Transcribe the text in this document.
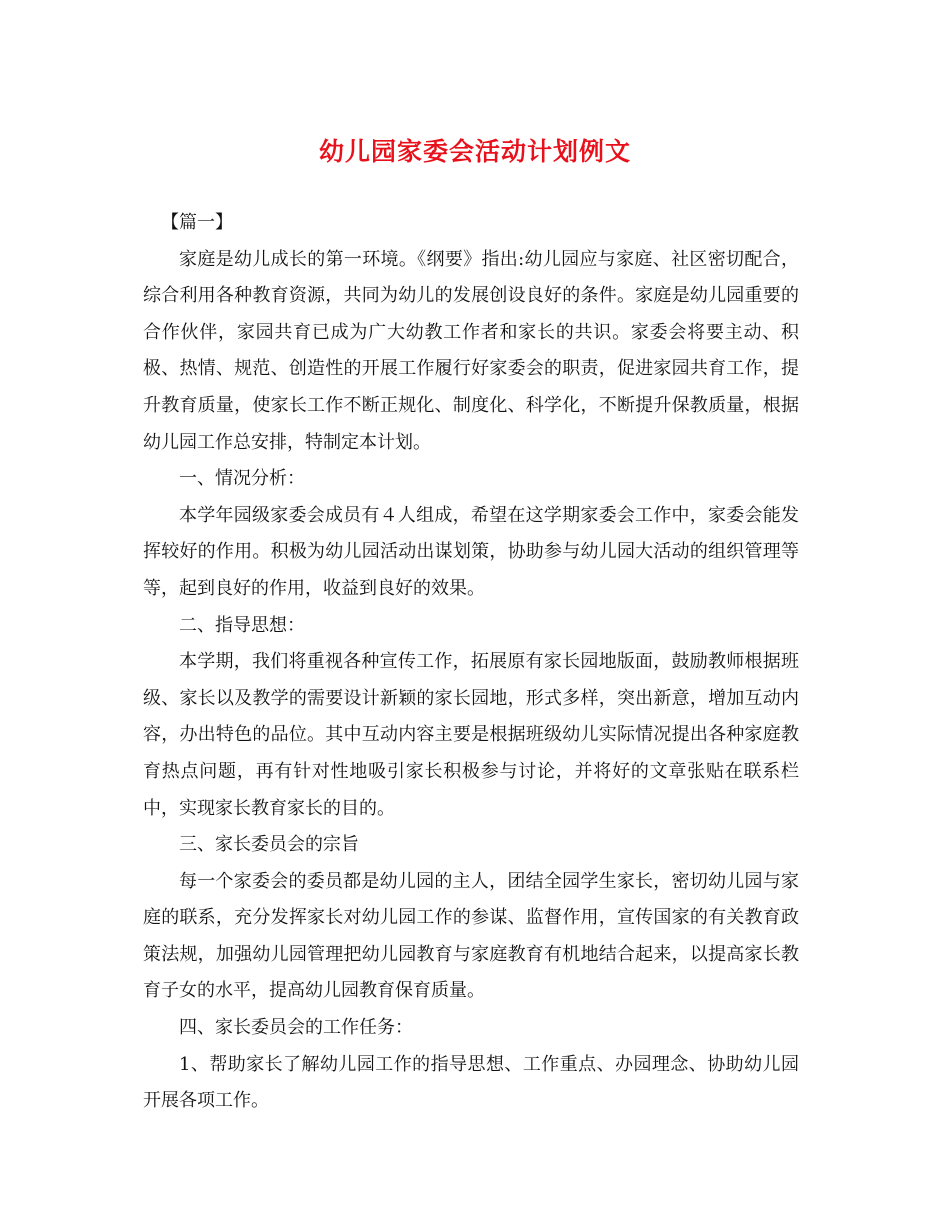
幼儿园家委会活动计划例文

【篇一】

家庭是幼儿成长的第一环境。《纲要》指出:幼儿园应与家庭、社区密切配合，综合利用各种教育资源，共同为幼儿的发展创设良好的条件。家庭是幼儿园重要的合作伙伴，家园共育已成为广大幼教工作者和家长的共识。家委会将要主动、积极、热情、规范、创造性的开展工作履行好家委会的职责，促进家园共育工作，提升教育质量，使家长工作不断正规化、制度化、科学化，不断提升保教质量，根据幼儿园工作总安排，特制定本计划。

一、情况分析：

本学年园级家委会成员有４人组成，希望在这学期家委会工作中，家委会能发挥较好的作用。积极为幼儿园活动出谋划策，协助参与幼儿园大活动的组织管理等等，起到良好的作用，收益到良好的效果。

二、指导思想：

本学期，我们将重视各种宣传工作，拓展原有家长园地版面，鼓励教师根据班级、家长以及教学的需要设计新颖的家长园地，形式多样，突出新意，增加互动内容，办出特色的品位。其中互动内容主要是根据班级幼儿实际情况提出各种家庭教育热点问题，再有针对性地吸引家长积极参与讨论，并将好的文章张贴在联系栏中，实现家长教育家长的目的。

三、家长委员会的宗旨

每一个家委会的委员都是幼儿园的主人，团结全园学生家长，密切幼儿园与家庭的联系，充分发挥家长对幼儿园工作的参谋、监督作用，宣传国家的有关教育政策法规，加强幼儿园管理把幼儿园教育与家庭教育有机地结合起来，以提高家长教育子女的水平，提高幼儿园教育保育质量。

四、家长委员会的工作任务：

1、帮助家长了解幼儿园工作的指导思想、工作重点、办园理念、协助幼儿园开展各项工作。
